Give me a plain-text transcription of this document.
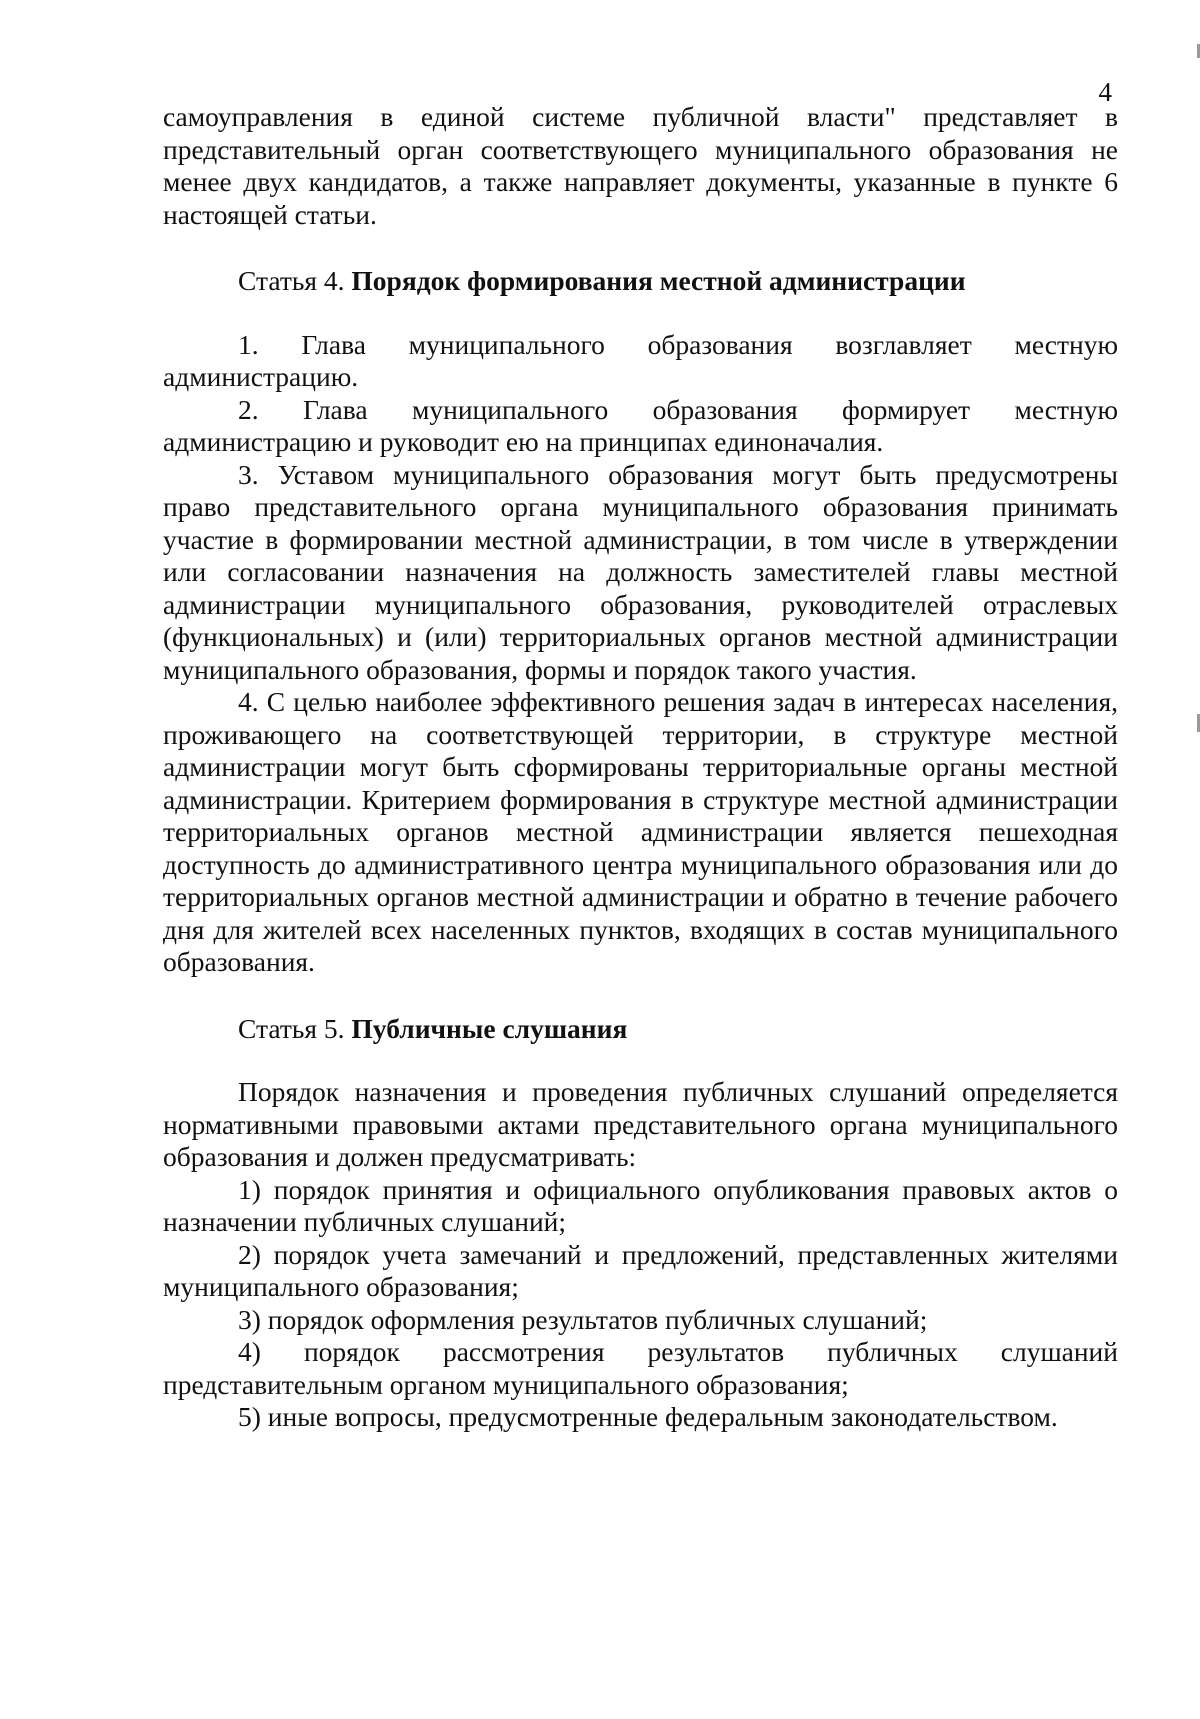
4

самоуправления в единой системе публичной власти" представляет в представительный орган соответствующего муниципального образования не менее двух кандидатов, а также направляет документы, указанные в пункте 6 настоящей статьи.

Статья 4. Порядок формирования местной администрации

1. Глава муниципального образования возглавляет местную администрацию.

2. Глава муниципального образования формирует местную администрацию и руководит ею на принципах единоначалия.

3. Уставом муниципального образования могут быть предусмотрены право представительного органа муниципального образования принимать участие в формировании местной администрации, в том числе в утверждении или согласовании назначения на должность заместителей главы местной администрации муниципального образования, руководителей отраслевых (функциональных) и (или) территориальных органов местной администрации муниципального образования, формы и порядок такого участия.

4. С целью наиболее эффективного решения задач в интересах населения, проживающего на соответствующей территории, в структуре местной администрации могут быть сформированы территориальные органы местной администрации. Критерием формирования в структуре местной администрации территориальных органов местной администрации является пешеходная доступность до административного центра муниципального образования или до территориальных органов местной администрации и обратно в течение рабочего дня для жителей всех населенных пунктов, входящих в состав муниципального образования.

Статья 5. Публичные слушания

Порядок назначения и проведения публичных слушаний определяется нормативными правовыми актами представительного органа муниципального образования и должен предусматривать:

1) порядок принятия и официального опубликования правовых актов о назначении публичных слушаний;

2) порядок учета замечаний и предложений, представленных жителями муниципального образования;

3) порядок оформления результатов публичных слушаний;

4) порядок рассмотрения результатов публичных слушаний представительным органом муниципального образования;

5) иные вопросы, предусмотренные федеральным законодательством.
